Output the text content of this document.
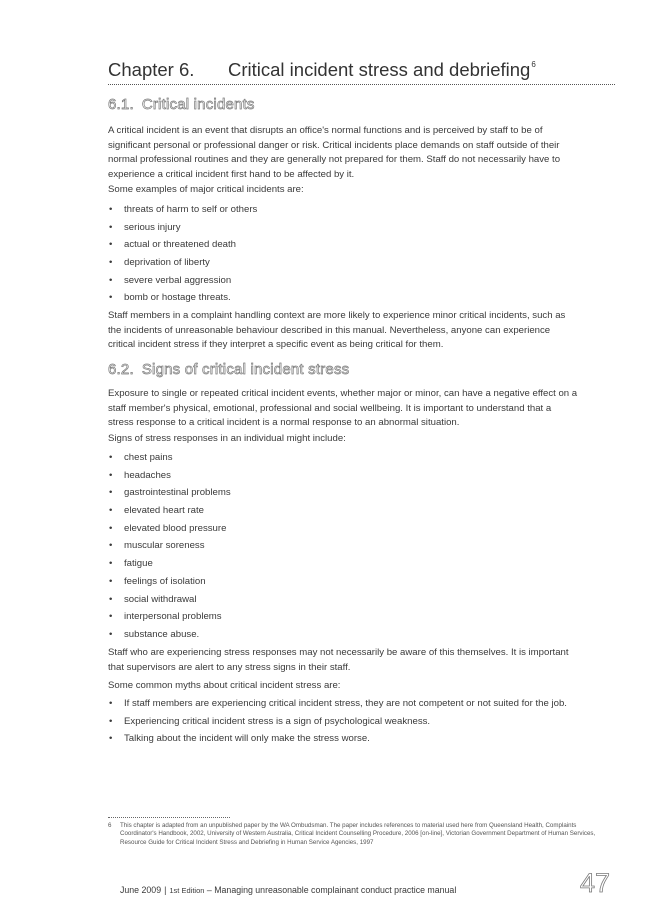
Chapter 6. Critical incident stress and debriefing$^6$
6.1. Critical incidents

A critical incident is an event that disrupts an office's normal functions and is perceived by staff to be of significant personal or professional danger or risk. Critical incidents place demands on staff outside of their normal professional routines and they are generally not prepared for them. Staff do not necessarily have to experience a critical incident first hand to be affected by it.

Some examples of major critical incidents are:

• threats of harm to self or others
• serious injury
• actual or threatened death
• deprivation of liberty
• severe verbal aggression
• bomb or hostage threats.

Staff members in a complaint handling context are more likely to experience minor critical incidents, such as the incidents of unreasonable behaviour described in this manual. Nevertheless, anyone can experience critical incident stress if they interpret a specific event as being critical for them.

6.2. Signs of critical incident stress

Exposure to single or repeated critical incident events, whether major or minor, can have a negative effect on a staff member's physical, emotional, professional and social wellbeing. It is important to understand that a stress response to a critical incident is a normal response to an abnormal situation.

Signs of stress responses in an individual might include:

• chest pains
• headaches
• gastrointestinal problems
• elevated heart rate
• elevated blood pressure
• muscular soreness
• fatigue
• feelings of isolation
• social withdrawal
• interpersonal problems
• substance abuse.

Staff who are experiencing stress responses may not necessarily be aware of this themselves. It is important that supervisors are alert to any stress signs in their staff.

Some common myths about critical incident stress are:

• If staff members are experiencing critical incident stress, they are not competent or not suited for the job.
• Experiencing critical incident stress is a sign of psychological weakness.
• Talking about the incident will only make the stress worse.
6 This chapter is adapted from an unpublished paper by the WA Ombudsman. The paper includes references to material used here from Queensland Health, Complaints Coordinator's Handbook, 2002, University of Western Australia, Critical Incident Counselling Procedure, 2006 [on-line], Victorian Government Department of Human Services, Resource Guide for Critical Incident Stress and Debriefing in Human Service Agencies, 1997
June 2009 | 1st Edition – Managing unreasonable complainant conduct practice manual	47
